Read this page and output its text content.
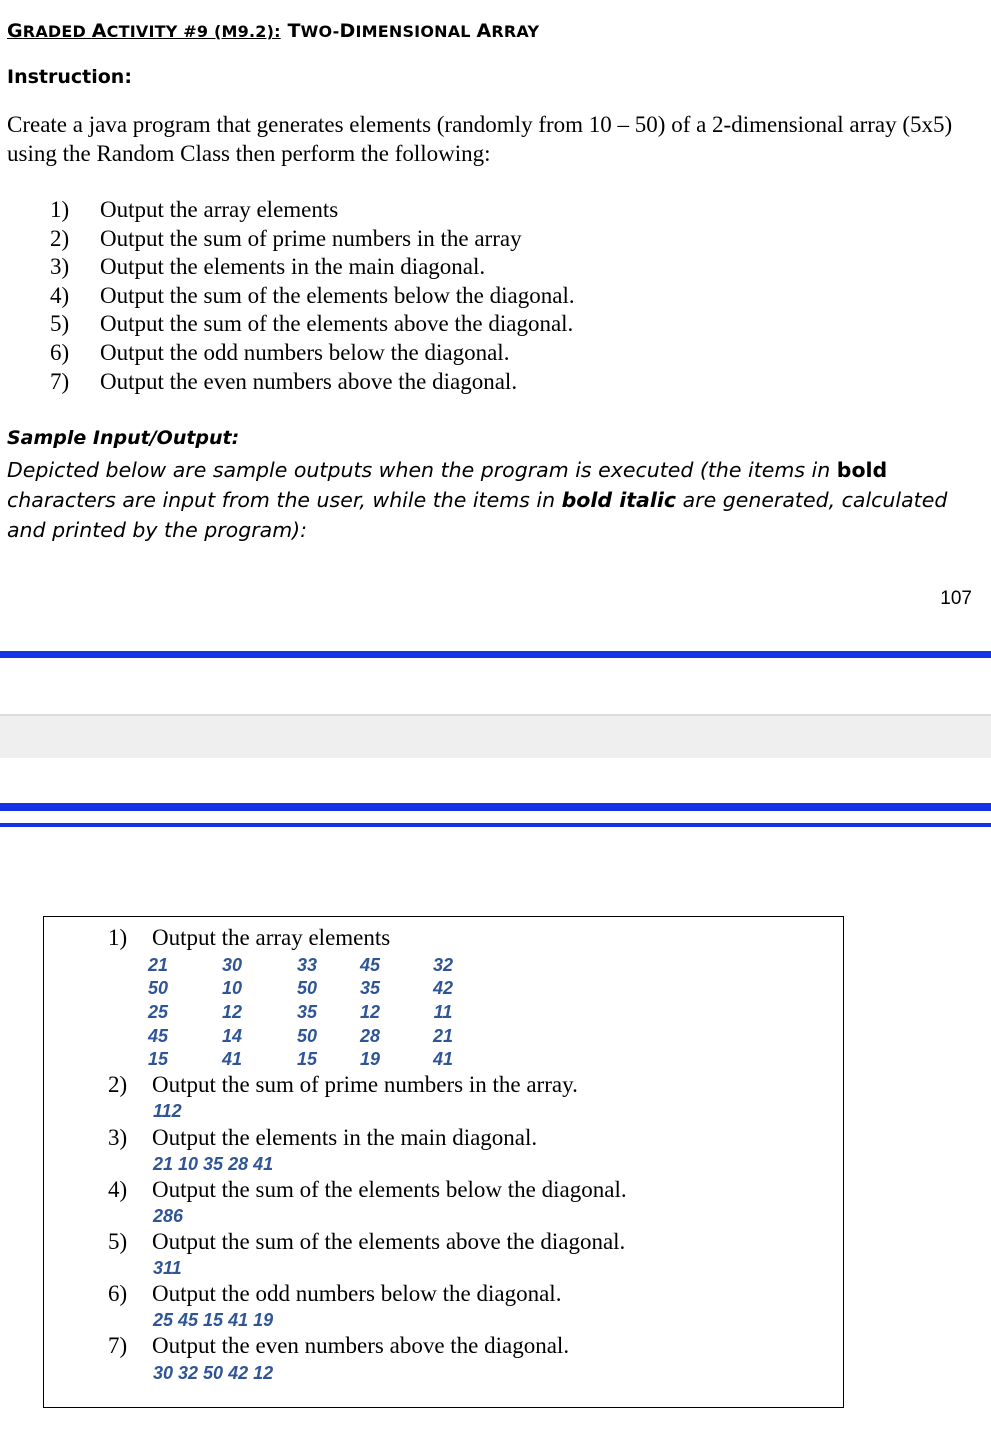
GRADED ACTIVITY #9 (M9.2): TWO-DIMENSIONAL ARRAY
Instruction:
Create a java program that generates elements (randomly from 10 – 50) of a 2-dimensional array (5x5) using the Random Class then perform the following:
1)	Output the array elements
2)	Output the sum of prime numbers in the array
3)	Output the elements in the main diagonal.
4)	Output the sum of the elements below the diagonal.
5)	Output the sum of the elements above the diagonal.
6)	Output the odd numbers below the diagonal.
7)	Output the even numbers above the diagonal.
Sample Input/Output:
Depicted below are sample outputs when the program is executed (the items in bold characters are input from the user, while the items in bold italic are generated, calculated and printed by the program):
107
1)	Output the array elements
21	30	33	45	32
50	10	50	35	42
25	12	35	12	11
45	14	50	28	21
15	41	15	19	41
2)	Output the sum of prime numbers in the array.
112
3)	Output the elements in the main diagonal.
21 10 35 28 41
4)	Output the sum of the elements below the diagonal.
286
5)	Output the sum of the elements above the diagonal.
311
6)	Output the odd numbers below the diagonal.
25 45 15 41 19
7)	Output the even numbers above the diagonal.
30 32 50 42 12
